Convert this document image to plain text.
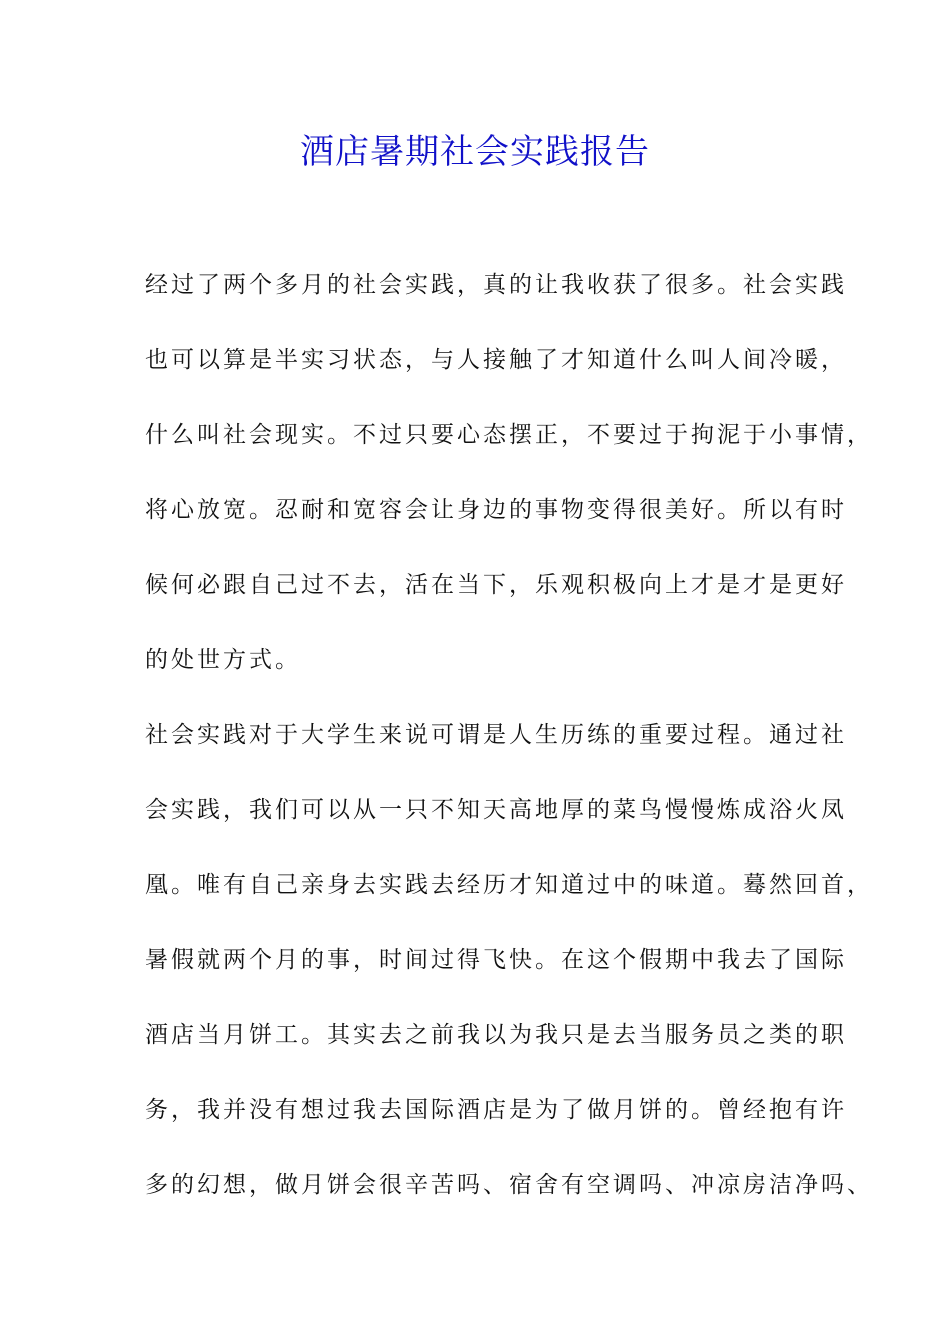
酒店暑期社会实践报告
经过了两个多月的社会实践，真的让我收获了很多。社会实践
也可以算是半实习状态，与人接触了才知道什么叫人间冷暖，
什么叫社会现实。不过只要心态摆正，不要过于拘泥于小事情，
将心放宽。忍耐和宽容会让身边的事物变得很美好。所以有时
候何必跟自己过不去，活在当下，乐观积极向上才是才是更好
的处世方式。
社会实践对于大学生来说可谓是人生历练的重要过程。通过社
会实践，我们可以从一只不知天高地厚的菜鸟慢慢炼成浴火凤
凰。唯有自己亲身去实践去经历才知道过中的味道。蓦然回首，
暑假就两个月的事，时间过得飞快。在这个假期中我去了国际
酒店当月饼工。其实去之前我以为我只是去当服务员之类的职
务，我并没有想过我去国际酒店是为了做月饼的。曾经抱有许
多的幻想，做月饼会很辛苦吗、宿舍有空调吗、冲凉房洁净吗、
